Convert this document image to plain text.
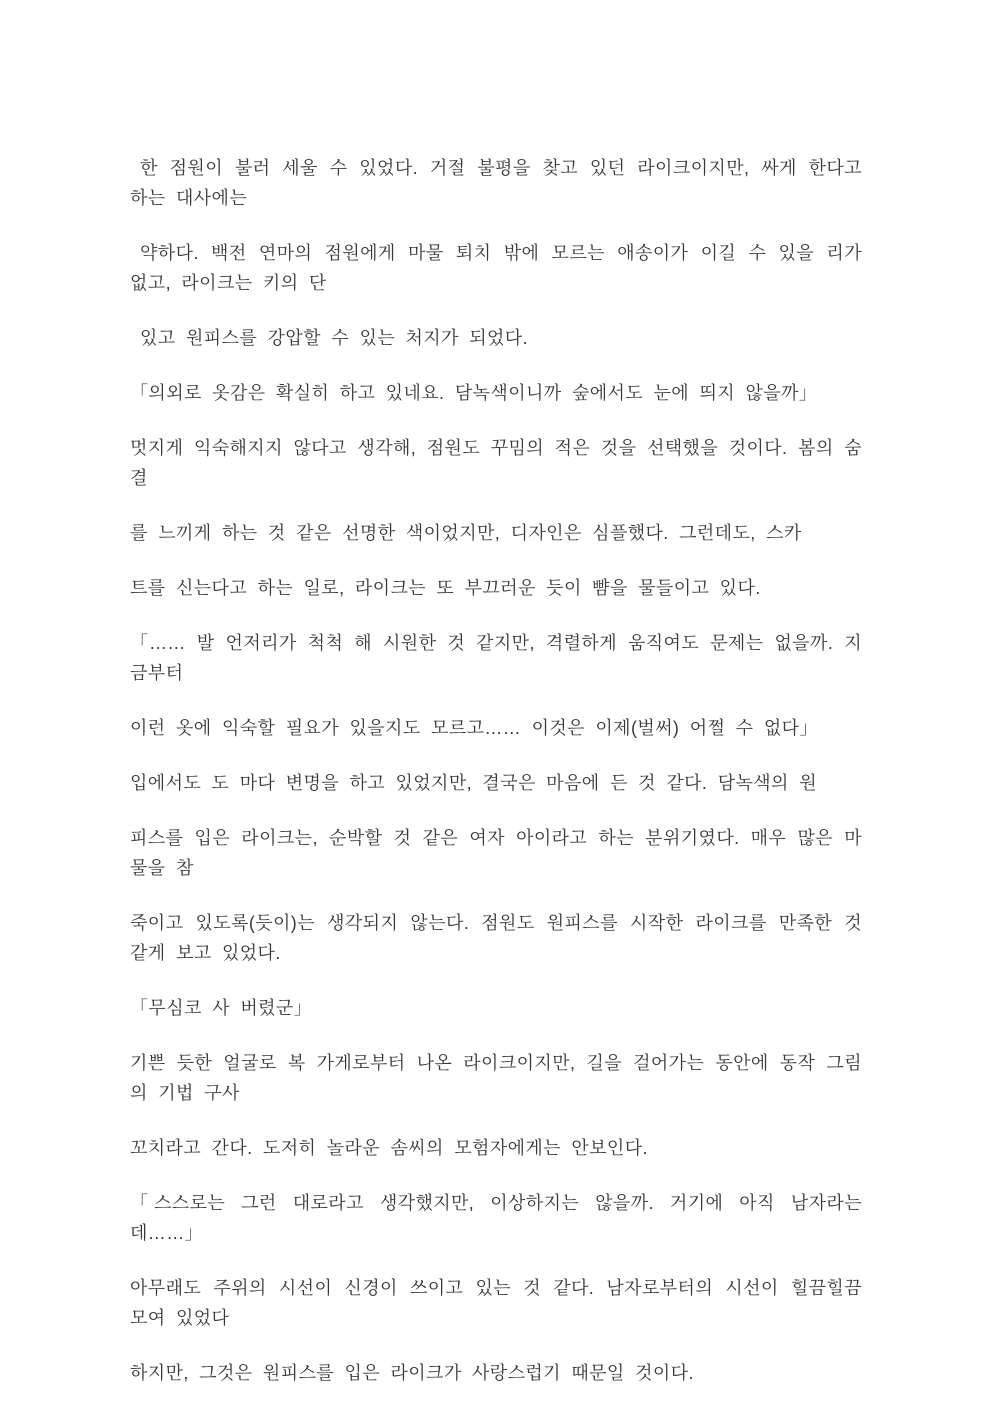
한 점원이 불러 세울 수 있었다. 거절 불평을 찾고 있던 라이크이지만, 싸게 한다고 하는 대사에는

약하다. 백전 연마의 점원에게 마물 퇴치 밖에 모르는 애송이가 이길 수 있을 리가 없고, 라이크는 키의 단

있고 원피스를 강압할 수 있는 처지가 되었다.

「의외로 옷감은 확실히 하고 있네요. 담녹색이니까 숲에서도 눈에 띄지 않을까」

멋지게 익숙해지지 않다고 생각해, 점원도 꾸밈의 적은 것을 선택했을 것이다. 봄의 숨결

를 느끼게 하는 것 같은 선명한 색이었지만, 디자인은 심플했다. 그런데도, 스카

트를 신는다고 하는 일로, 라이크는 또 부끄러운 듯이 뺨을 물들이고 있다.

「…… 발 언저리가 척척 해 시원한 것 같지만, 격렬하게 움직여도 문제는 없을까. 지금부터

이런 옷에 익숙할 필요가 있을지도 모르고…… 이것은 이제(벌써) 어쩔 수 없다」

입에서도 도 마다 변명을 하고 있었지만, 결국은 마음에 든 것 같다. 담녹색의 원

피스를 입은 라이크는, 순박할 것 같은 여자 아이라고 하는 분위기였다. 매우 많은 마물을 참

죽이고 있도록(듯이)는 생각되지 않는다. 점원도 원피스를 시작한 라이크를 만족한 것 같게 보고 있었다.

「무심코 사 버렸군」

기쁜 듯한 얼굴로 복 가게로부터 나온 라이크이지만, 길을 걸어가는 동안에 동작 그림의 기법 구사

꼬치라고 간다. 도저히 놀라운 솜씨의 모험자에게는 안보인다.

「스스로는 그런 대로라고 생각했지만, 이상하지는 않을까. 거기에 아직 남자라는데……」

아무래도 주위의 시선이 신경이 쓰이고 있는 것 같다. 남자로부터의 시선이 힐끔힐끔 모여 있었다

하지만, 그것은 원피스를 입은 라이크가 사랑스럽기 때문일 것이다.
